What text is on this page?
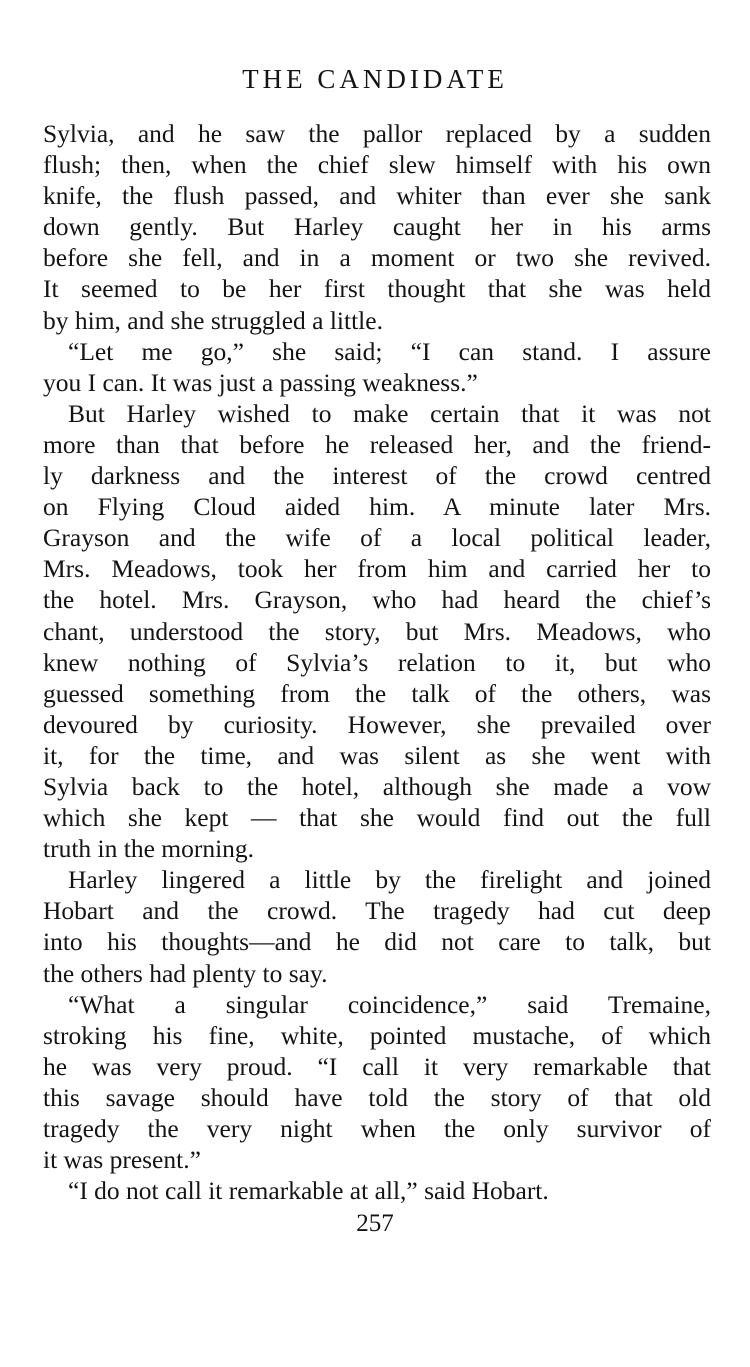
THE CANDIDATE
Sylvia, and he saw the pallor replaced by a sudden
flush; then, when the chief slew himself with his own
knife, the flush passed, and whiter than ever she sank
down gently. But Harley caught her in his arms
before she fell, and in a moment or two she revived.
It seemed to be her first thought that she was held
by him, and she struggled a little.
“Let me go,” she said; “I can stand. I assure
you I can. It was just a passing weakness.”
But Harley wished to make certain that it was not
more than that before he released her, and the friend-
ly darkness and the interest of the crowd centred
on Flying Cloud aided him. A minute later Mrs.
Grayson and the wife of a local political leader,
Mrs. Meadows, took her from him and carried her to
the hotel. Mrs. Grayson, who had heard the chief’s
chant, understood the story, but Mrs. Meadows, who
knew nothing of Sylvia’s relation to it, but who
guessed something from the talk of the others, was
devoured by curiosity. However, she prevailed over
it, for the time, and was silent as she went with
Sylvia back to the hotel, although she made a vow
which she kept — that she would find out the full
truth in the morning.
Harley lingered a little by the firelight and joined
Hobart and the crowd. The tragedy had cut deep
into his thoughts—and he did not care to talk, but
the others had plenty to say.
“What a singular coincidence,” said Tremaine,
stroking his fine, white, pointed mustache, of which
he was very proud. “I call it very remarkable that
this savage should have told the story of that old
tragedy the very night when the only survivor of
it was present.”
“I do not call it remarkable at all,” said Hobart.
257
